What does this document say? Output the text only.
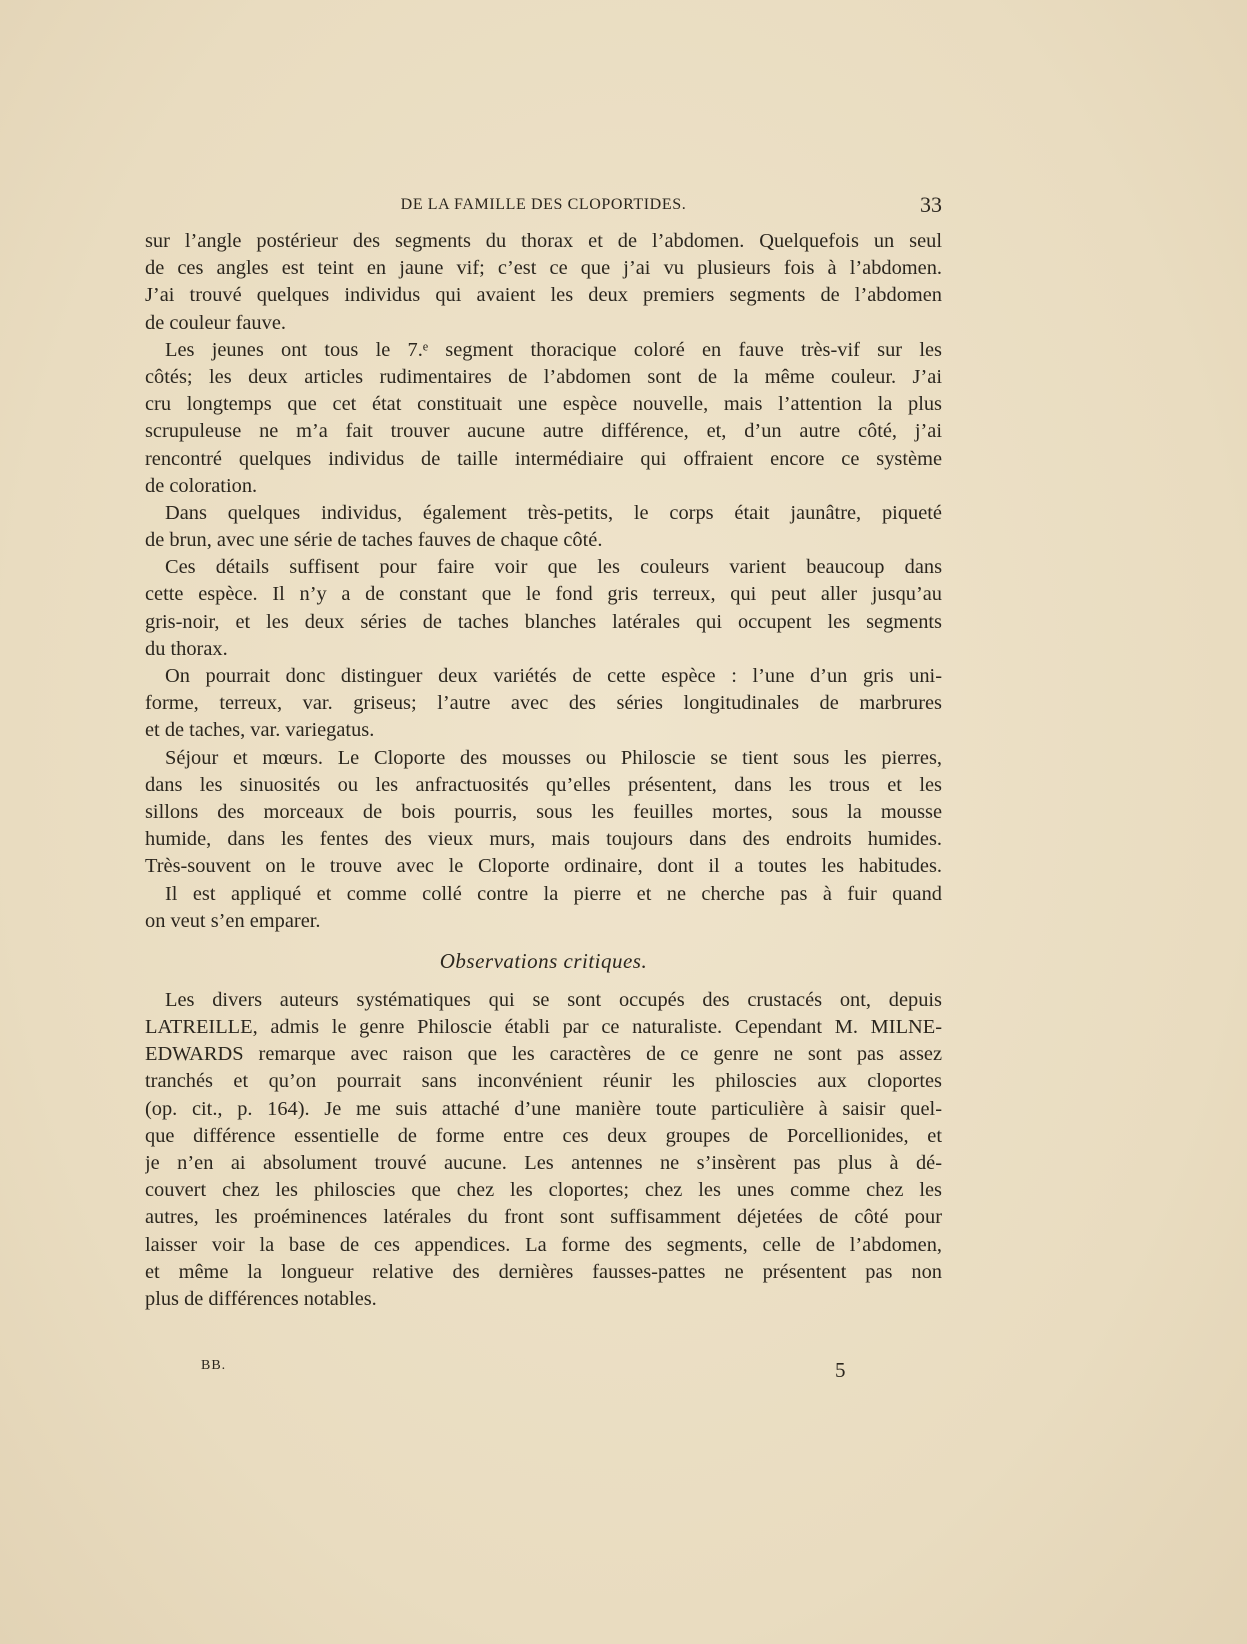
DE LA FAMILLE DES CLOPORTIDES.	33
sur l’angle postérieur des segments du thorax et de l’abdomen. Quelquefois un seul
de ces angles est teint en jaune vif; c’est ce que j’ai vu plusieurs fois à l’abdomen.
J’ai trouvé quelques individus qui avaient les deux premiers segments de l’abdomen
de couleur fauve.
Les jeunes ont tous le 7.ᵉ segment thoracique coloré en fauve très-vif sur les
côtés; les deux articles rudimentaires de l’abdomen sont de la même couleur. J’ai
cru longtemps que cet état constituait une espèce nouvelle, mais l’attention la plus
scrupuleuse ne m’a fait trouver aucune autre différence, et, d’un autre côté, j’ai
rencontré quelques individus de taille intermédiaire qui offraient encore ce système
de coloration.
Dans quelques individus, également très-petits, le corps était jaunâtre, piqueté
de brun, avec une série de taches fauves de chaque côté.
Ces détails suffisent pour faire voir que les couleurs varient beaucoup dans
cette espèce. Il n’y a de constant que le fond gris terreux, qui peut aller jusqu’au
gris-noir, et les deux séries de taches blanches latérales qui occupent les segments
du thorax.
On pourrait donc distinguer deux variétés de cette espèce : l’une d’un gris uni-
forme, terreux, var. griseus; l’autre avec des séries longitudinales de marbrures
et de taches, var. variegatus.
Séjour et mœurs. Le Cloporte des mousses ou Philoscie se tient sous les pierres,
dans les sinuosités ou les anfractuosités qu’elles présentent, dans les trous et les
sillons des morceaux de bois pourris, sous les feuilles mortes, sous la mousse
humide, dans les fentes des vieux murs, mais toujours dans des endroits humides.
Très-souvent on le trouve avec le Cloporte ordinaire, dont il a toutes les habitudes.
Il est appliqué et comme collé contre la pierre et ne cherche pas à fuir quand
on veut s’en emparer.
Observations critiques.
Les divers auteurs systématiques qui se sont occupés des crustacés ont, depuis
LATREILLE, admis le genre Philoscie établi par ce naturaliste. Cependant M. MILNE-
EDWARDS remarque avec raison que les caractères de ce genre ne sont pas assez
tranchés et qu’on pourrait sans inconvénient réunir les philoscies aux cloportes
(op. cit., p. 164). Je me suis attaché d’une manière toute particulière à saisir quel-
que différence essentielle de forme entre ces deux groupes de Porcellionides, et
je n’en ai absolument trouvé aucune. Les antennes ne s’insèrent pas plus à dé-
couvert chez les philoscies que chez les cloportes; chez les unes comme chez les
autres, les proéminences latérales du front sont suffisamment déjetées de côté pour
laisser voir la base de ces appendices. La forme des segments, celle de l’abdomen,
et même la longueur relative des dernières fausses-pattes ne présentent pas non
plus de différences notables.
BB.	5
